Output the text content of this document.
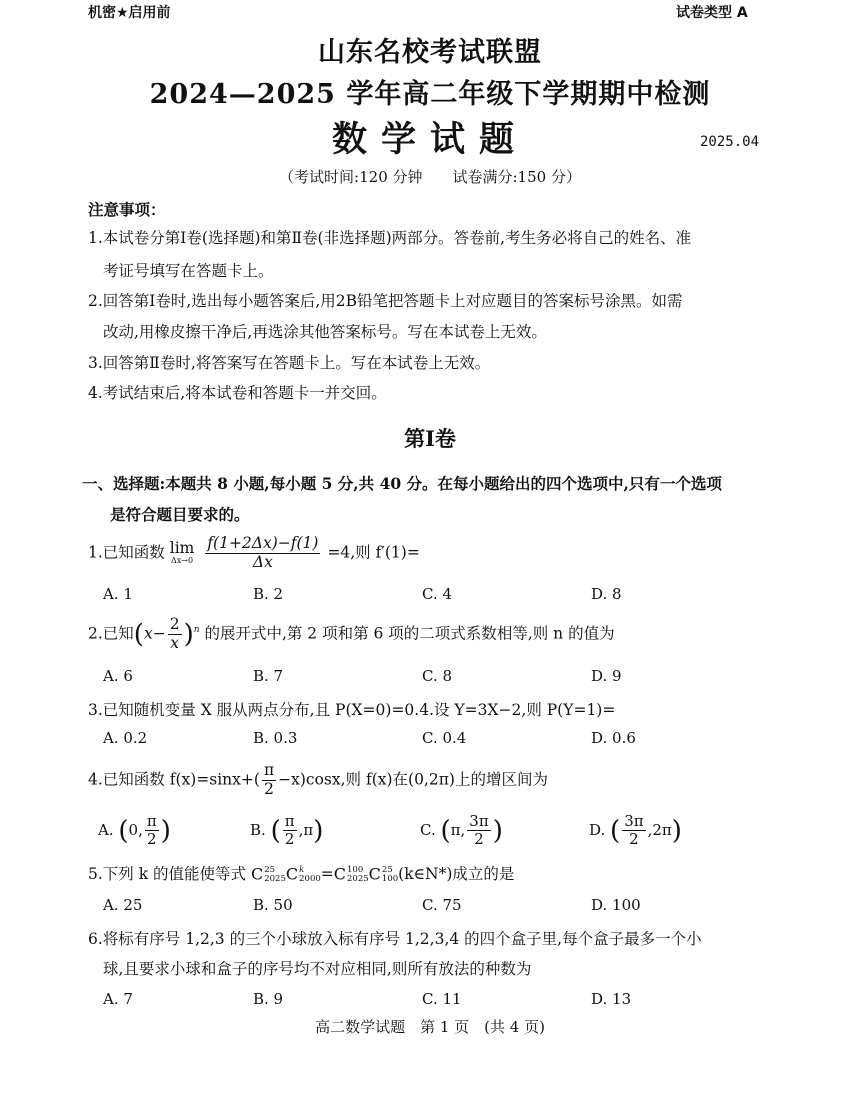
机密★启用前	试卷类型 A
山东名校考试联盟
2024—2025 学年高二年级下学期期中检测
数学试题	2025.04
（考试时间:120 分钟　　试卷满分:150 分）
注意事项：
1.本试卷分第Ⅰ卷(选择题)和第Ⅱ卷(非选择题)两部分。答卷前,考生务必将自己的姓名、准
考证号填写在答题卡上。
2.回答第Ⅰ卷时,选出每小题答案后,用2B铅笔把答题卡上对应题目的答案标号涂黑。如需
改动,用橡皮擦干净后,再选涂其他答案标号。写在本试卷上无效。
3.回答第Ⅱ卷时,将答案写在答题卡上。写在本试卷上无效。
4.考试结束后,将本试卷和答题卡一并交回。
第Ⅰ卷
一、选择题:本题共 8 小题,每小题 5 分,共 40 分。在每小题给出的四个选项中,只有一个选项
是符合题目要求的。
1.已知函数 lim
Δx→0
$\frac{f(1+2\Delta x)-f(1)}{\Delta x} =4$,则 f′(1)=
A. 1	B. 2	C. 4	D. 8
2.已知$(x- \frac{2}{x} )^n$ 的展开式中,第 2 项和第 6 项的二项式系数相等,则 n 的值为
A. 6	B. 7	C. 8	D. 9
3.已知随机变量 X 服从两点分布,且 P(X=0)=0.4.设 Y=3X−2,则 P(Y=1)=
A. 0.2	B. 0.3	C. 0.4	D. 0.6
4.已知函数 $f(x)=\sin x+( \frac{\pi}{2} -x)\cos x$,则 f(x)在(0,2π)上的增区间为
A. (0, $\frac{\pi}{2}$ )	B. ( $\frac{\pi}{2} ,\pi$)	C. (π, $\frac{3\pi}{2}$ )	D. ( $\frac{3\pi}{2} ,2\pi$)
5.下列 k 的值能使等式 C 25
2025 C k
2000 =C 100
2025 C 25
100 (k∈N*)成立的是
A. 25	B. 50	C. 75	D. 100
6.将标有序号 1,2,3 的三个小球放入标有序号 1,2,3,4 的四个盒子里,每个盒子最多一个小
球,且要求小球和盒子的序号均不对应相同,则所有放法的种数为
A. 7	B. 9	C. 11	D. 13
高二数学试题　第 1 页　(共 4 页)
